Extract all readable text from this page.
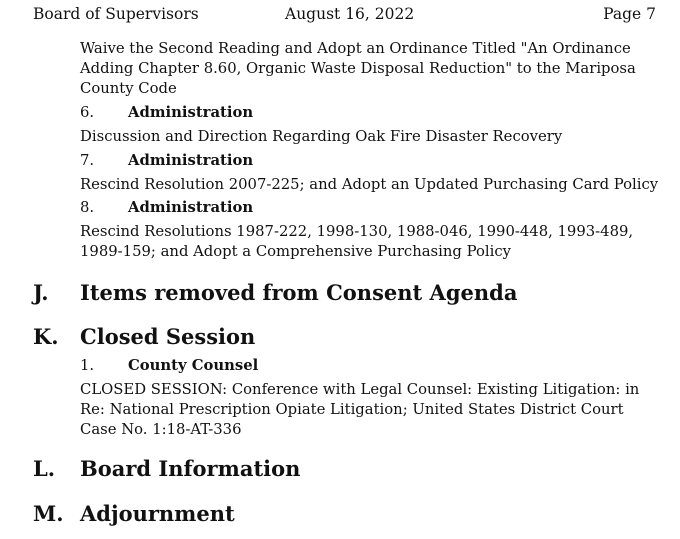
Board of Supervisors	August 16, 2022	Page 7
Waive the Second Reading and Adopt an Ordinance Titled "An Ordinance Adding Chapter 8.60, Organic Waste Disposal Reduction" to the Mariposa County Code
6. Administration
Discussion and Direction Regarding Oak Fire Disaster Recovery
7. Administration
Rescind Resolution 2007-225; and Adopt an Updated Purchasing Card Policy
8. Administration
Rescind Resolutions 1987-222, 1998-130, 1988-046, 1990-448, 1993-489, 1989-159; and Adopt a Comprehensive Purchasing Policy
J. Items removed from Consent Agenda
K. Closed Session
1. County Counsel
CLOSED SESSION: Conference with Legal Counsel: Existing Litigation: in Re: National Prescription Opiate Litigation; United States District Court Case No. 1:18-AT-336
L. Board Information
M. Adjournment
